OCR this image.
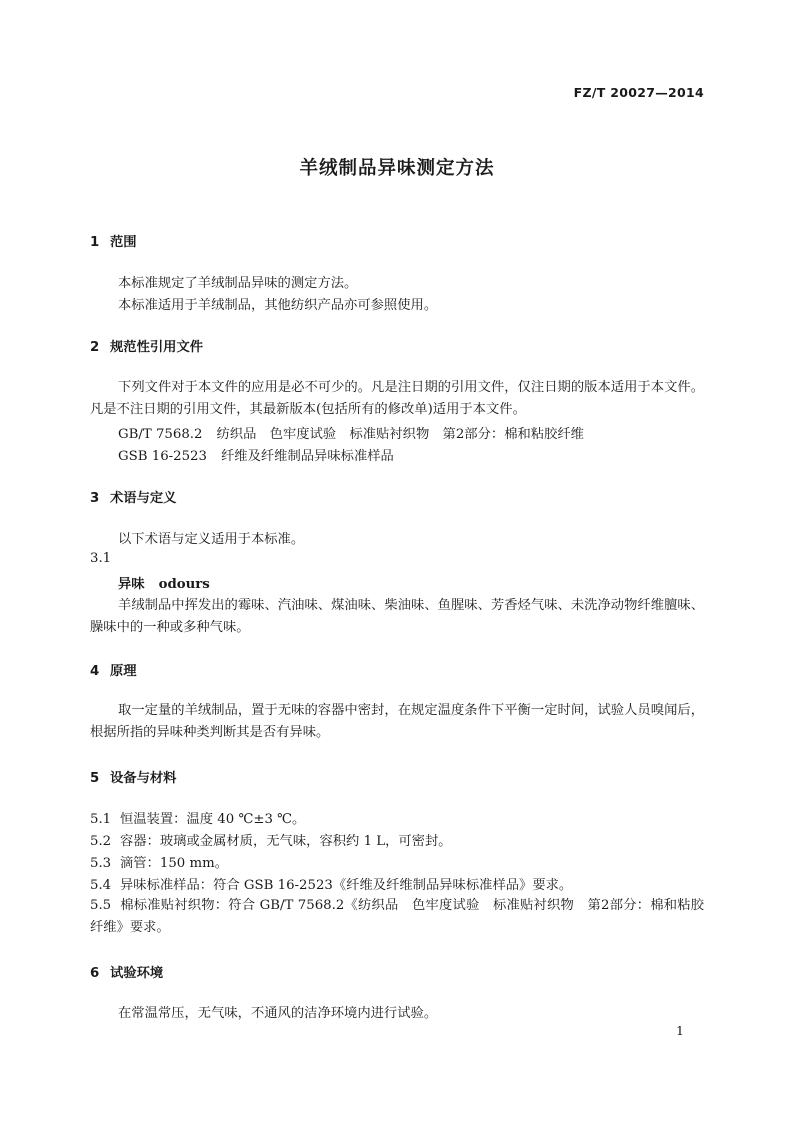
FZ/T 20027—2014
羊绒制品异味测定方法
1 范围
本标准规定了羊绒制品异味的测定方法。
本标准适用于羊绒制品，其他纺织产品亦可参照使用。
2 规范性引用文件
下列文件对于本文件的应用是必不可少的。凡是注日期的引用文件，仅注日期的版本适用于本文件。凡是不注日期的引用文件，其最新版本(包括所有的修改单)适用于本文件。
GB/T 7568.2 纺织品　色牢度试验　标准贴衬织物　第2部分：棉和粘胶纤维
GSB 16-2523 纤维及纤维制品异味标准样品
3 术语与定义
以下术语与定义适用于本标准。
3.1
异味 odours
羊绒制品中挥发出的霉味、汽油味、煤油味、柴油味、鱼腥味、芳香烃气味、未洗净动物纤维膻味、臊味中的一种或多种气味。
4 原理
取一定量的羊绒制品，置于无味的容器中密封，在规定温度条件下平衡一定时间，试验人员嗅闻后，根据所指的异味种类判断其是否有异味。
5 设备与材料
5.1 恒温装置：温度 40 ℃±3 ℃。
5.2 容器：玻璃或金属材质，无气味，容积约 1 L，可密封。
5.3 滴管：150 mm。
5.4 异味标准样品：符合 GSB 16-2523《纤维及纤维制品异味标准样品》要求。
5.5 棉标准贴衬织物：符合 GB/T 7568.2《纺织品　色牢度试验　标准贴衬织物　第2部分：棉和粘胶纤维》要求。
6 试验环境
在常温常压，无气味，不通风的洁净环境内进行试验。
1
